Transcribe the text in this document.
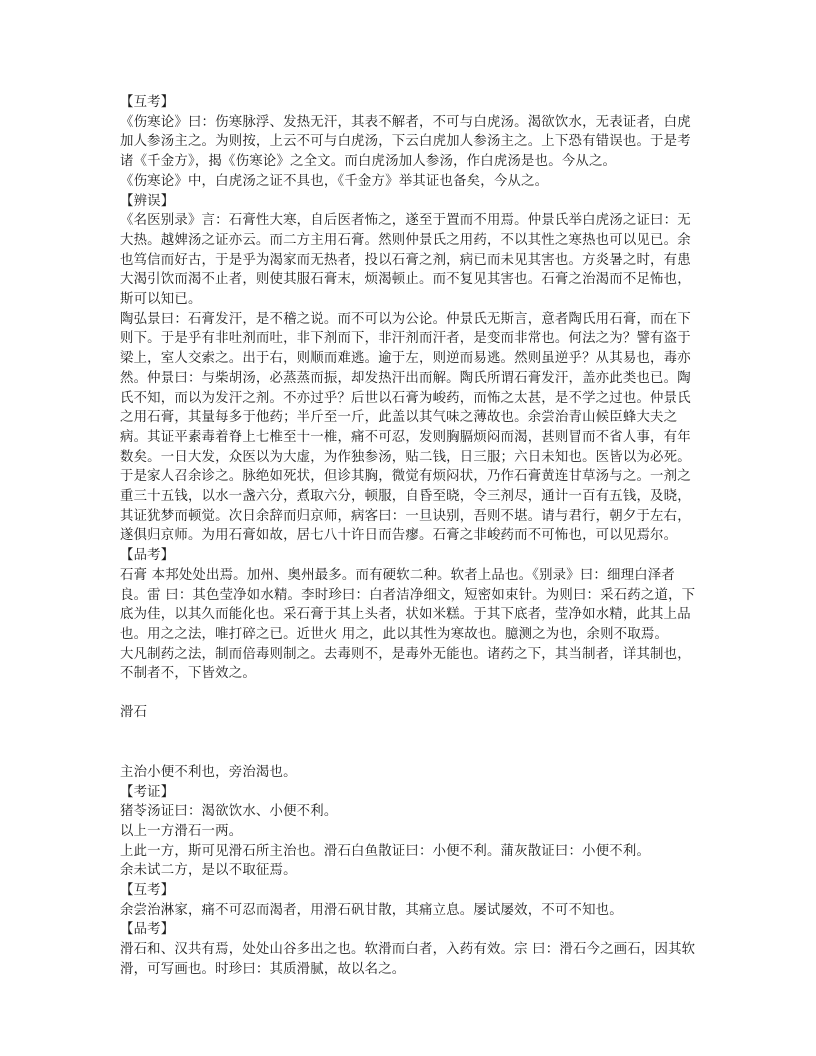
【互考】

《伤寒论》曰：伤寒脉浮、发热无汗，其表不解者，不可与白虎汤。渴欲饮水，无表证者，白虎加人参汤主之。为则按，上云不可与白虎汤，下云白虎加人参汤主之。上下恐有错误也。于是考诸《千金方》，揭《伤寒论》之全文。而白虎汤加人参汤，作白虎汤是也。今从之。

《伤寒论》中，白虎汤之证不具也，《千金方》举其证也备矣，今从之。

【辨误】

《名医别录》言：石膏性大寒，自后医者怖之，遂至于置而不用焉。仲景氏举白虎汤之证曰：无大热。越婢汤之证亦云。而二方主用石膏。然则仲景氏之用药，不以其性之寒热也可以见已。余也笃信而好古，于是乎为渴家而无热者，投以石膏之剂，病已而未见其害也。方炎暑之时，有患大渴引饮而渴不止者，则使其服石膏末，烦渴顿止。而不复见其害也。石膏之治渴而不足怖也，斯可以知已。

陶弘景曰：石膏发汗，是不稽之说。而不可以为公论。仲景氏无斯言，意者陶氏用石膏，而在下则下。于是乎有非吐剂而吐，非下剂而下，非汗剂而汗者，是变而非常也。何法之为？譬有盗于梁上，室人交索之。出于右，则顺而难逃。逾于左，则逆而易逃。然则虽逆乎？从其易也，毒亦然。仲景曰：与柴胡汤，必蒸蒸而振，却发热汗出而解。陶氏所谓石膏发汗，盖亦此类也已。陶氏不知，而以为发汗之剂。不亦过乎？后世以石膏为峻药，而怖之太甚，是不学之过也。仲景氏之用石膏，其量每多于他药；半斤至一斤，此盖以其气味之薄故也。余尝治青山候臣蜂大夫之病。其证平素毒着脊上七椎至十一椎，痛不可忍，发则胸膈烦闷而渴，甚则冒而不省人事，有年数矣。一日大发，众医以为大虚，为作独参汤，贴二钱，日三服；六日未知也。医皆以为必死。于是家人召余诊之。脉绝如死状，但诊其胸，微觉有烦闷状，乃作石膏黄连甘草汤与之。一剂之重三十五钱，以水一盏六分，煮取六分，顿服，自昏至晓，令三剂尽，通计一百有五钱，及晓，其证犹梦而顿觉。次日余辞而归京师，病客曰：一旦诀别，吾则不堪。请与君行，朝夕于左右，遂俱归京师。为用石膏如故，居七八十许日而告瘳。石膏之非峻药而不可怖也，可以见焉尔。

【品考】

石膏 本邦处处出焉。加州、奥州最多。而有硬软二种。软者上品也。《别录》曰：细理白泽者良。雷 曰：其色莹净如水精。李时珍曰：白者洁净细文，短密如束针。为则曰：采石药之道，下底为佳，以其久而能化也。采石膏于其上头者，状如米糕。于其下底者，莹净如水精，此其上品也。用之之法，唯打碎之已。近世火 用之，此以其性为寒故也。臆测之为也，余则不取焉。

大凡制药之法，制而倍毒则制之。去毒则不，是毒外无能也。诸药之下，其当制者，详其制也，不制者不，下皆效之。

滑石

主治小便不利也，旁治渴也。

【考证】

猪苓汤证曰：渴欲饮水、小便不利。

以上一方滑石一两。

上此一方，斯可见滑石所主治也。滑石白鱼散证曰：小便不利。蒲灰散证曰：小便不利。

余未试二方，是以不取征焉。

【互考】

余尝治淋家，痛不可忍而渴者，用滑石矾甘散，其痛立息。屡试屡效，不可不知也。

【品考】

滑石和、汉共有焉，处处山谷多出之也。软滑而白者，入药有效。宗 曰：滑石今之画石，因其软滑，可写画也。时珍曰：其质滑腻，故以名之。
